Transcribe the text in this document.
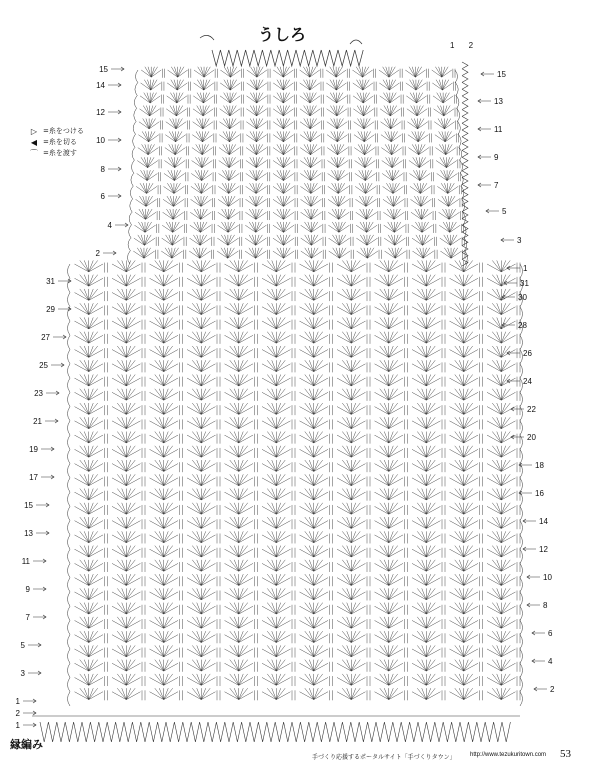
15
14
12
10
8
6
4
2
31
29
27
25
23
21
19
17
15
13
11
9
7
5
3
1
2
1
15
13
11
9
7
5
3
1
31
30
28
26
24
22
20
18
16
14
12
10
8
6
4
2
うしろ
1 2
▷ =糸をつける
◀ =糸を切る
⌒ =糸を渡す
縁編み
手づくり応援するポータルサイト「手づくりタウン」 http://www.tezukuritown.com 53
